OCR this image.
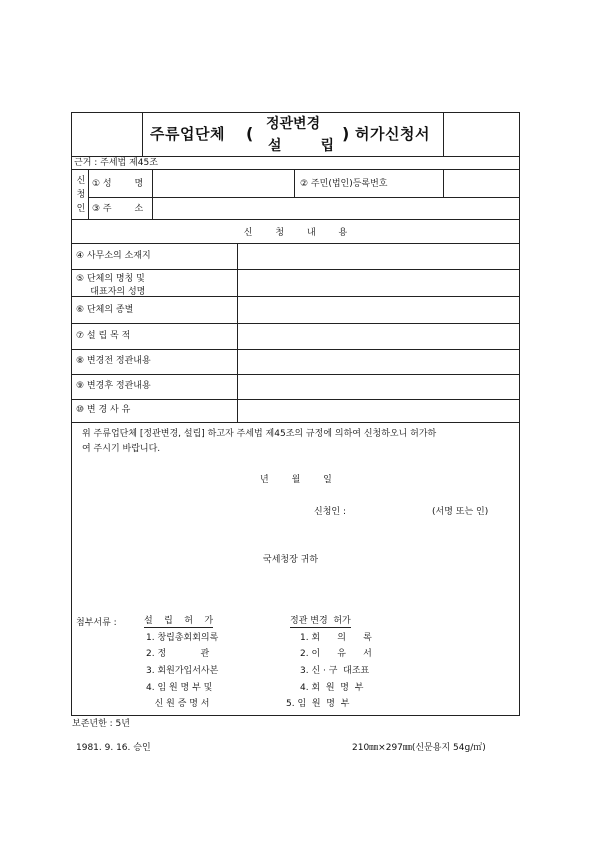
주류업단체 ( 정관변경
설        립
) 허가신청서
근거 : 주세법 제45조
신
청
인
① 성        명	② 주민(법인)등록번호
③ 주        소
신        청        내        용
④ 사무소의 소재지
⑤ 단체의 명칭 및
대표자의 성명
⑥ 단체의 종별
⑦ 설 립 목 적
⑧ 변경전 정관내용
⑨ 변경후 정관내용
⑩ 변 경 사 유
위 주류업단체 [정관변경, 설립] 하고자 주세법 제45조의 규정에 의하여 신청하오니 허가하
여 주시기 바랍니다.
년        월        일
신청인 :	(서명 또는 인)
국세청장 귀하
첨부서류 :	설    립    허    가
1. 창립총회회의록
2. 정            관
3. 회원가입서사본
4. 임 원 명 부 및
신 원 증 명 서
정관 변경  허가
1. 회      의      록
2. 이      유      서
3. 신 · 구  대조표
4. 회  원  명  부
5. 임  원  명  부
보존년한 : 5년
1981. 9. 16. 승인	210㎜×297㎜(신문용지 54g/㎡)
